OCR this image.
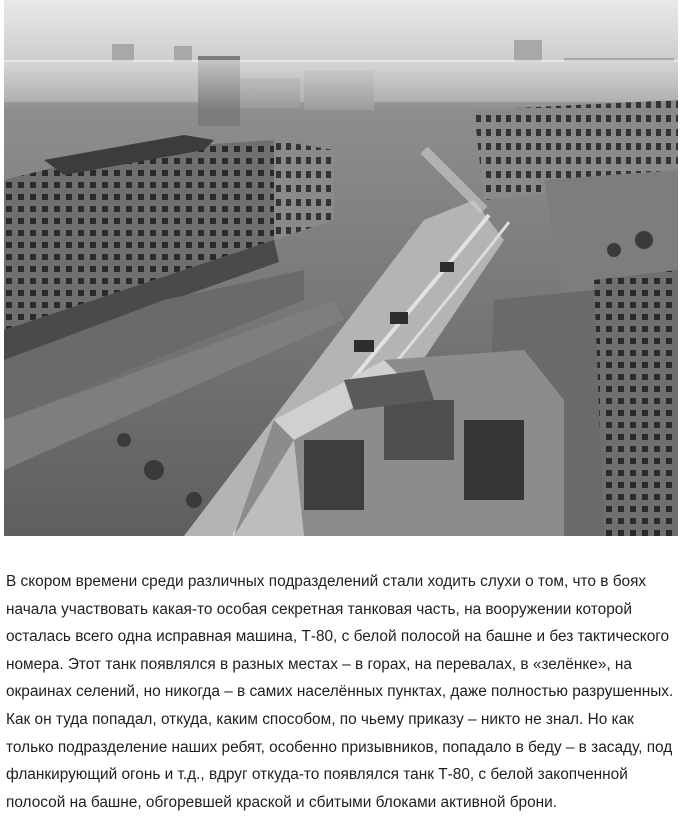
В скором времени среди различных подразделений стали ходить слухи о том, что в боях начала участвовать какая-то особая секретная танковая часть, на вооружении которой осталась всего одна исправная машина, Т-80, с белой полосой на башне и без тактического номера. Этот танк появлялся в разных местах – в горах, на перевалах, в «зелёнке», на окраинах селений, но никогда – в самих населённых пунктах, даже полностью разрушенных. Как он туда попадал, откуда, каким способом, по чьему приказу – никто не знал. Но как только подразделение наших ребят, особенно призывников, попадало в беду – в засаду, под фланкирующий огонь и т.д., вдруг откуда-то появлялся танк Т-80, с белой закопченной полосой на башне, обгоревшей краской и сбитыми блоками активной брони.
